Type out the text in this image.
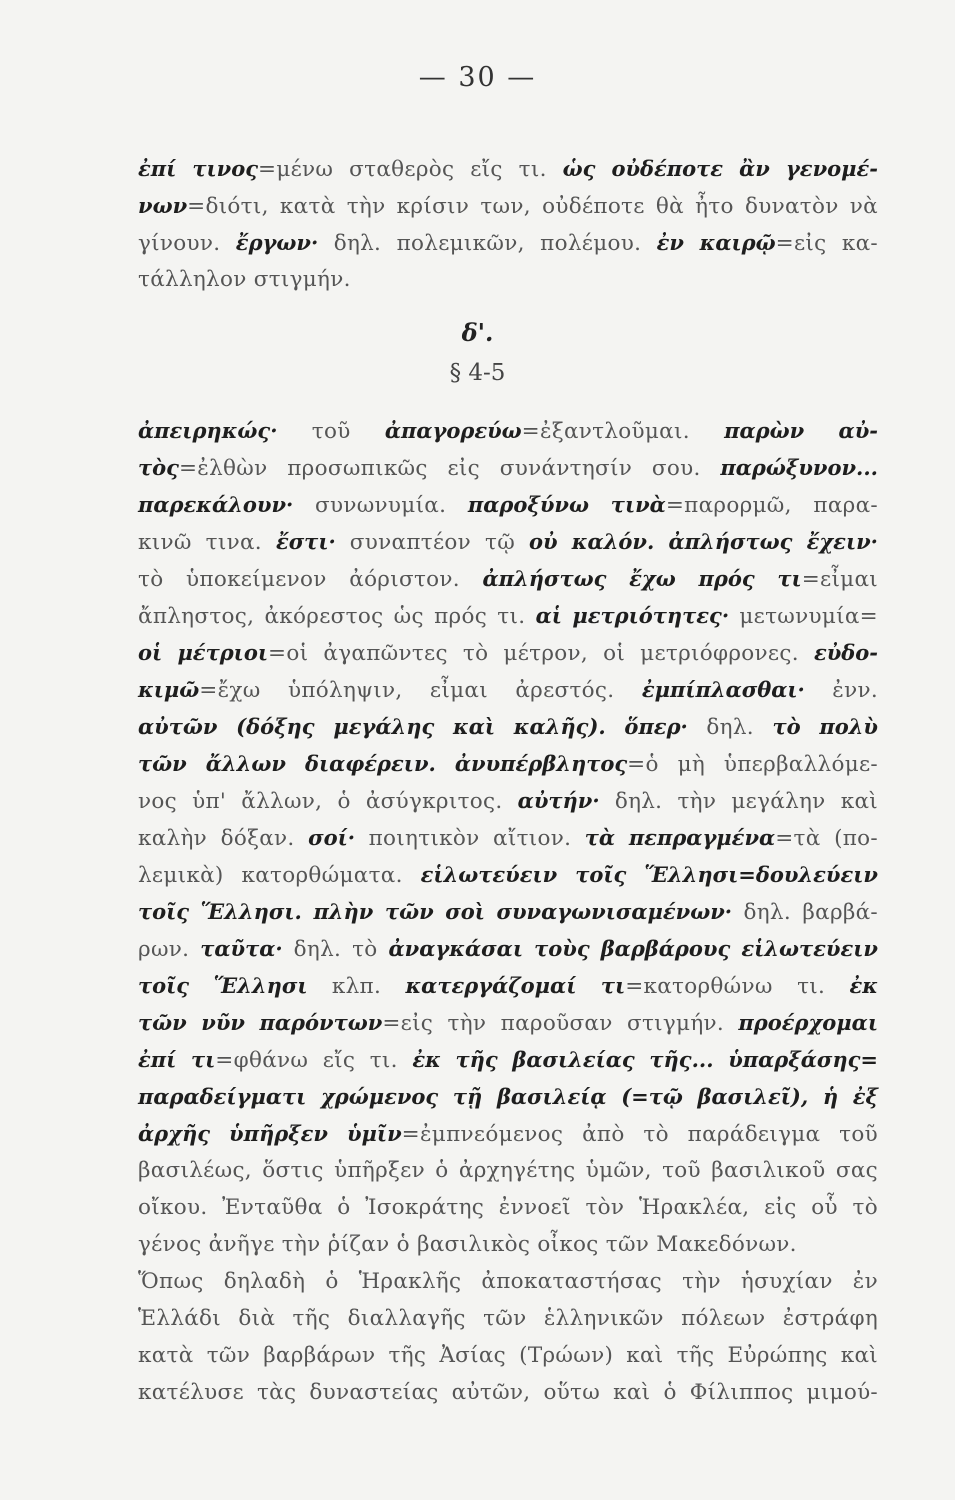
— 30 —
ἐπί τινος=μένω σταθερὸς εἴς τι. ὡς οὐδέποτε ἂν γενομέ-
νων=διότι, κατὰ τὴν κρίσιν των, οὐδέποτε θὰ ἦτο δυνατὸν νὰ
γίνουν. ἔργων· δηλ. πολεμικῶν, πολέμου. ἐν καιρῷ=εἰς κα-
τάλληλον στιγμήν.
δ'.
§ 4-5
ἀπειρηκώς· τοῦ ἀπαγορεύω=ἐξαντλοῦμαι. παρὼν αὐ-
τὸς=ἐλθὼν προσωπικῶς εἰς συνάντησίν σου. παρώξυνον...
παρεκάλουν· συνωνυμία. παροξύνω τινὰ=παρορμῶ, παρα-
κινῶ τινα. ἔστι· συναπτέον τῷ οὐ καλόν. ἀπλήστως ἔχειν·
τὸ ὑποκείμενον ἀόριστον. ἀπλήστως ἔχω πρός τι=εἶμαι
ἄπληστος, ἀκόρεστος ὡς πρός τι. αἱ μετριότητες· μετωνυμία=
οἱ μέτριοι=οἱ ἀγαπῶντες τὸ μέτρον, οἱ μετριόφρονες. εὐδο-
κιμῶ=ἔχω ὑπόληψιν, εἶμαι ἀρεστός. ἐμπίπλασθαι· ἐνν.
αὐτῶν (δόξης μεγάλης καὶ καλῆς). ὅπερ· δηλ. τὸ πολὺ
τῶν ἄλλων διαφέρειν. ἀνυπέρβλητος=ὁ μὴ ὑπερβαλλόμε-
νος ὑπ' ἄλλων, ὁ ἀσύγκριτος. αὐτήν· δηλ. τὴν μεγάλην καὶ
καλὴν δόξαν. σοί· ποιητικὸν αἴτιον. τὰ πεπραγμένα=τὰ (πο-
λεμικὰ) κατορθώματα. εἱλωτεύειν τοῖς Ἕλλησι=δουλεύειν
τοῖς Ἕλλησι. πλὴν τῶν σοὶ συναγωνισαμένων· δηλ. βαρβά-
ρων. ταῦτα· δηλ. τὸ ἀναγκάσαι τοὺς βαρβάρους εἱλωτεύειν
τοῖς Ἕλλησι κλπ. κατεργάζομαί τι=κατορθώνω τι. ἐκ
τῶν νῦν παρόντων=εἰς τὴν παροῦσαν στιγμήν. προέρχομαι
ἐπί τι=φθάνω εἴς τι. ἐκ τῆς βασιλείας τῆς... ὑπαρξάσης=
παραδείγματι χρώμενος τῇ βασιλείᾳ (=τῷ βασιλεῖ), ἡ ἐξ
ἀρχῆς ὑπῆρξεν ὑμῖν=ἐμπνεόμενος ἀπὸ τὸ παράδειγμα τοῦ
βασιλέως, ὅστις ὑπῆρξεν ὁ ἀρχηγέτης ὑμῶν, τοῦ βασιλικοῦ σας
οἴκου. Ἐνταῦθα ὁ Ἰσοκράτης ἐννοεῖ τὸν Ἡρακλέα, εἰς οὗ τὸ
γένος ἀνῆγε τὴν ῥίζαν ὁ βασιλικὸς οἶκος τῶν Μακεδόνων.
Ὅπως δηλαδὴ ὁ Ἡρακλῆς ἀποκαταστήσας τὴν ἡσυχίαν ἐν
Ἑλλάδι διὰ τῆς διαλλαγῆς τῶν ἑλληνικῶν πόλεων ἐστράφη
κατὰ τῶν βαρβάρων τῆς Ἀσίας (Τρώων) καὶ τῆς Εὐρώπης καὶ
κατέλυσε τὰς δυναστείας αὐτῶν, οὕτω καὶ ὁ Φίλιππος μιμού-
